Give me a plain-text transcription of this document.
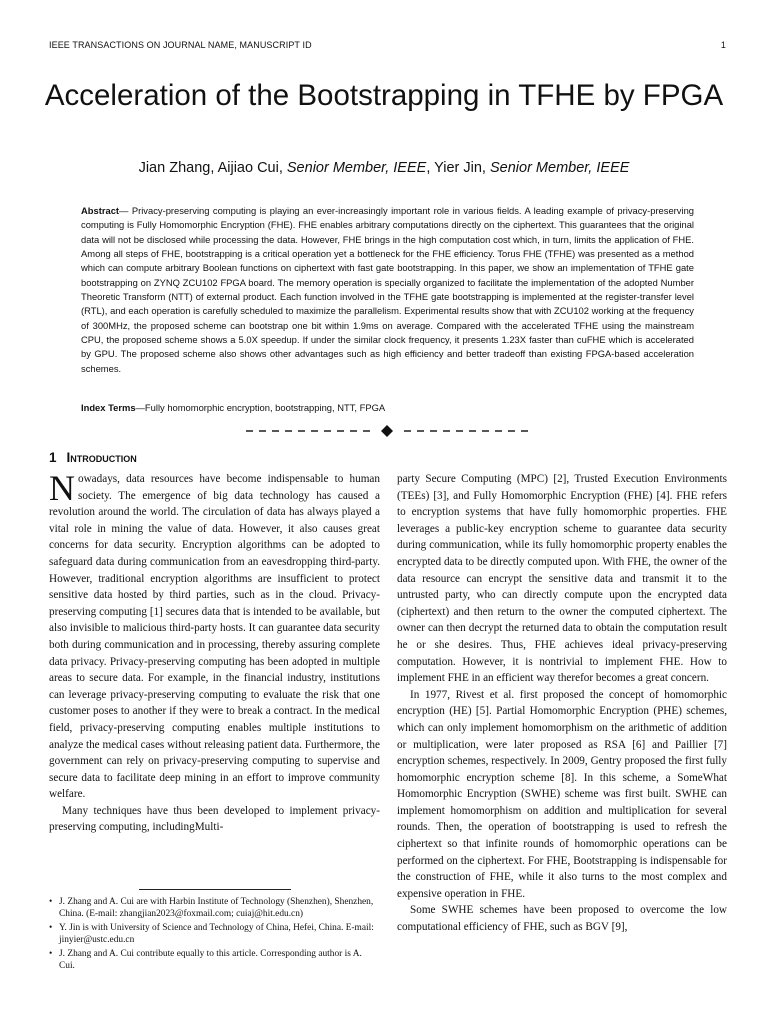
IEEE TRANSACTIONS ON JOURNAL NAME, MANUSCRIPT ID	1
Acceleration of the Bootstrapping in TFHE by FPGA
Jian Zhang, Aijiao Cui, Senior Member, IEEE, Yier Jin, Senior Member, IEEE

Abstract— Privacy-preserving computing is playing an ever-increasingly important role in various fields. A leading example of privacy-preserving computing is Fully Homomorphic Encryption (FHE). FHE enables arbitrary computations directly on the ciphertext. This guarantees that the original data will not be disclosed while processing the data. However, FHE brings in the high computation cost which, in turn, limits the application of FHE. Among all steps of FHE, bootstrapping is a critical operation yet a bottleneck for the FHE efficiency. Torus FHE (TFHE) was presented as a method which can compute arbitrary Boolean functions on ciphertext with fast gate bootstrapping. In this paper, we show an implementation of TFHE gate bootstrapping on ZYNQ ZCU102 FPGA board. The memory operation is specially organized to facilitate the implementation of the adopted Number Theoretic Transform (NTT) of external product. Each function involved in the TFHE gate bootstrapping is implemented at the register-transfer level (RTL), and each operation is carefully scheduled to maximize the parallelism. Experimental results show that with ZCU102 working at the frequency of 300MHz, the proposed scheme can bootstrap one bit within 1.9ms on average. Compared with the accelerated TFHE using the mainstream CPU, the proposed scheme shows a 5.0X speedup. If under the similar clock frequency, it presents 1.23X faster than cuFHE which is accelerated by GPU. The proposed scheme also shows other advantages such as high efficiency and better tradeoff than existing FPGA-based acceleration schemes.

Index Terms—Fully homomorphic encryption, bootstrapping, NTT, FPGA

1 Introduction

Nowadays, data resources have become indispensable to human society. The emergence of big data technology has caused a revolution around the world. The circulation of data has always played a vital role in mining the value of data. However, it also causes great concerns for data security. Encryption algorithms can be adopted to safeguard data during communication from an eavesdropping third-party. However, traditional encryption algorithms are insufficient to protect sensitive data hosted by third parties, such as in the cloud. Privacy-preserving computing [1] secures data that is intended to be available, but also invisible to malicious third-party hosts. It can guarantee data security both during communication and in processing, thereby assuring complete data privacy. Privacy-preserving computing has been adopted in multiple areas to secure data. For example, in the financial industry, institutions can leverage privacy-preserving computing to evaluate the risk that one customer poses to another if they were to break a contract. In the medical field, privacy-preserving computing enables multiple institutions to analyze the medical cases without releasing patient data. Furthermore, the government can rely on privacy-preserving computing to supervise and secure data to facilitate deep mining in an effort to improve community welfare.

Many techniques have thus been developed to implement privacy-preserving computing, includingMulti-

party Secure Computing (MPC) [2], Trusted Execution Environments (TEEs) [3], and Fully Homomorphic Encryption (FHE) [4]. FHE refers to encryption systems that have fully homomorphic properties. FHE leverages a public-key encryption scheme to guarantee data security during communication, while its fully homomorphic property enables the encrypted data to be directly computed upon. With FHE, the owner of the data resource can encrypt the sensitive data and transmit it to the untrusted party, who can directly compute upon the encrypted data (ciphertext) and then return to the owner the computed ciphertext. The owner can then decrypt the returned data to obtain the computation result he or she desires. Thus, FHE achieves ideal privacy-preserving computation. However, it is nontrivial to implement FHE. How to implement FHE in an efficient way therefor becomes a great concern.

In 1977, Rivest et al. first proposed the concept of homomorphic encryption (HE) [5]. Partial Homomorphic Encryption (PHE) schemes, which can only implement homomorphism on the arithmetic of addition or multiplication, were later proposed as RSA [6] and Paillier [7] encryption schemes, respectively. In 2009, Gentry proposed the first fully homomorphic encryption scheme [8]. In this scheme, a SomeWhat Homomorphic Encryption (SWHE) scheme was first built. SWHE can implement homomorphism on addition and multiplication for several rounds. Then, the operation of bootstrapping is used to refresh the ciphertext so that infinite rounds of homomorphic operations can be performed on the ciphertext. For FHE, Bootstrapping is indispensable for the construction of FHE, while it also turns to the most complex and expensive operation in FHE.

Some SWHE schemes have been proposed to overcome the low computational efficiency of FHE, such as BGV [9],

• J. Zhang and A. Cui are with Harbin Institute of Technology (Shenzhen), Shenzhen, China. (E-mail: zhangjian2023@foxmail.com; cuiaj@hit.edu.cn)
• Y. Jin is with University of Science and Technology of China, Hefei, China. E-mail: jinyier@ustc.edu.cn
• J. Zhang and A. Cui contribute equally to this article. Corresponding author is A. Cui.
